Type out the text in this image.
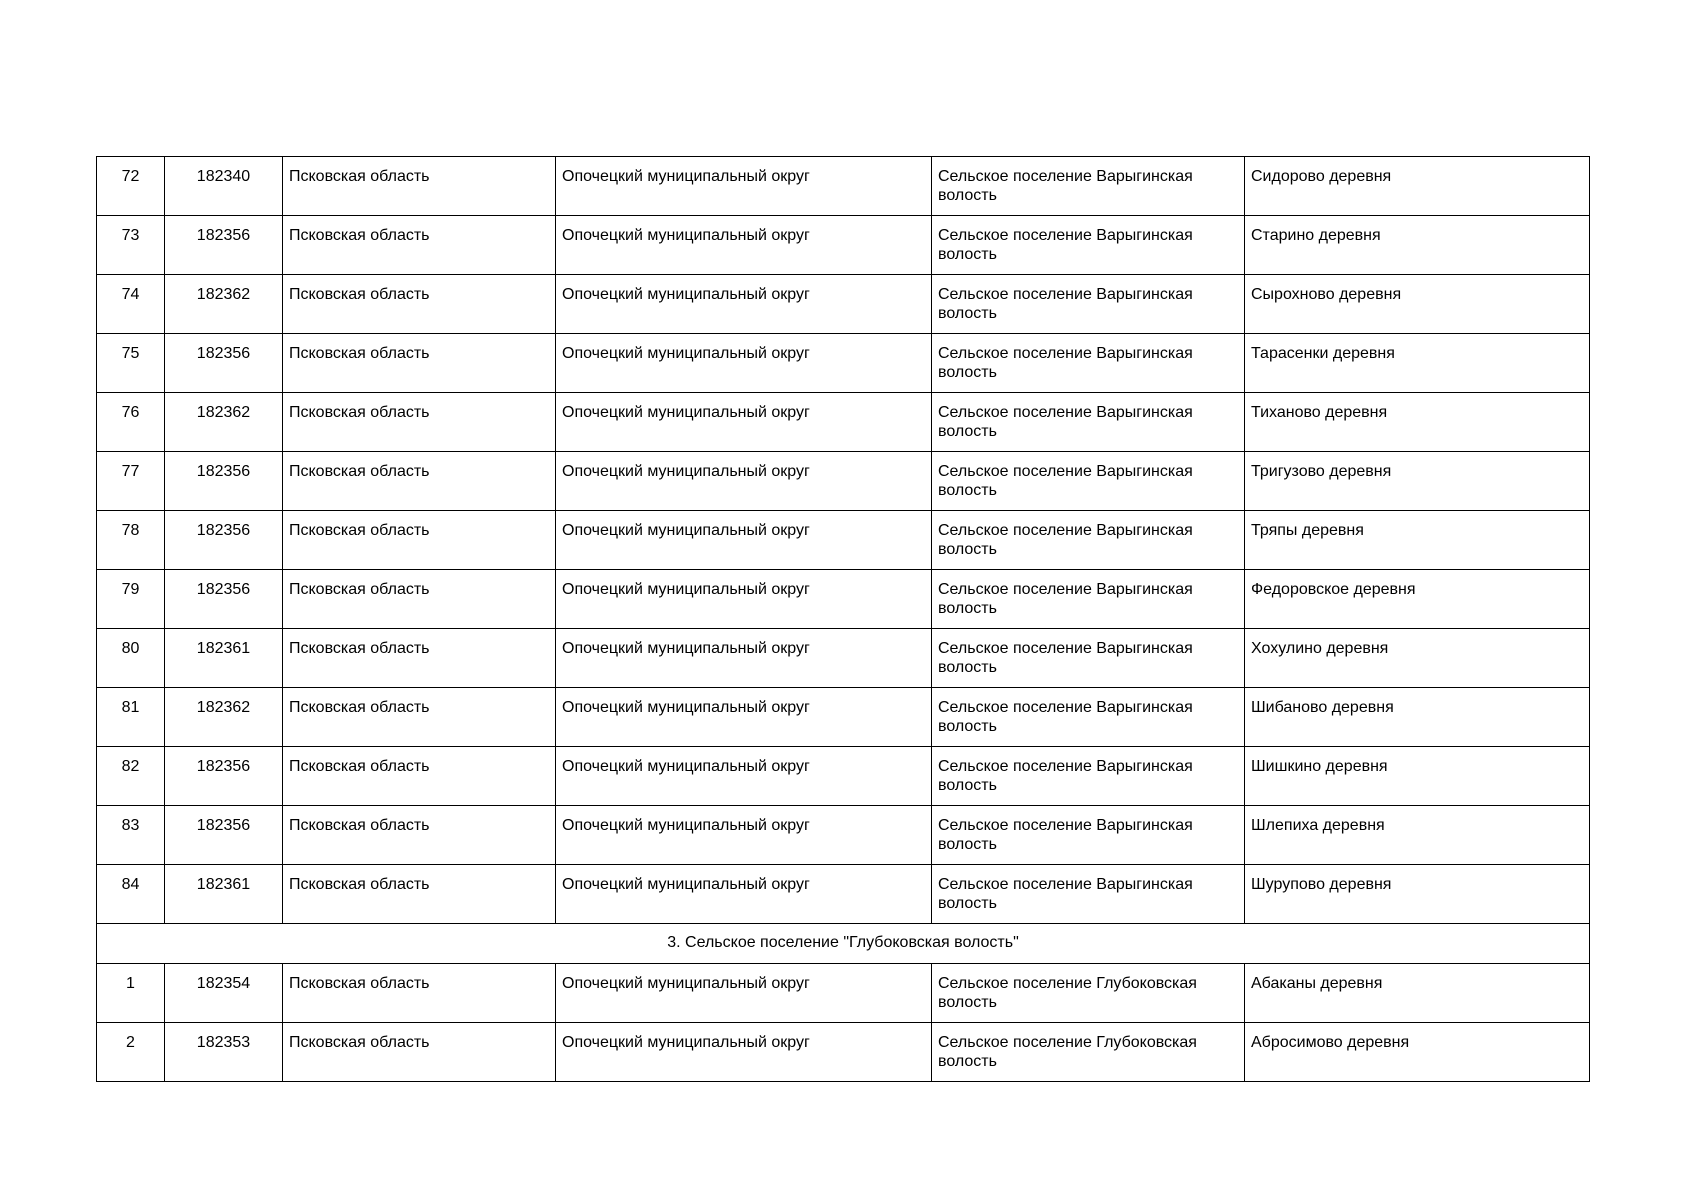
72	182340	Псковская область	Опочецкий муниципальный округ	Сельское поселение Варыгинская волость	Сидорово деревня
73	182356	Псковская область	Опочецкий муниципальный округ	Сельское поселение Варыгинская волость	Старино деревня
74	182362	Псковская область	Опочецкий муниципальный округ	Сельское поселение Варыгинская волость	Сырохново деревня
75	182356	Псковская область	Опочецкий муниципальный округ	Сельское поселение Варыгинская волость	Тарасенки деревня
76	182362	Псковская область	Опочецкий муниципальный округ	Сельское поселение Варыгинская волость	Тиханово деревня
77	182356	Псковская область	Опочецкий муниципальный округ	Сельское поселение Варыгинская волость	Тригузово деревня
78	182356	Псковская область	Опочецкий муниципальный округ	Сельское поселение Варыгинская волость	Тряпы деревня
79	182356	Псковская область	Опочецкий муниципальный округ	Сельское поселение Варыгинская волость	Федоровское деревня
80	182361	Псковская область	Опочецкий муниципальный округ	Сельское поселение Варыгинская волость	Хохулино деревня
81	182362	Псковская область	Опочецкий муниципальный округ	Сельское поселение Варыгинская волость	Шибаново деревня
82	182356	Псковская область	Опочецкий муниципальный округ	Сельское поселение Варыгинская волость	Шишкино деревня
83	182356	Псковская область	Опочецкий муниципальный округ	Сельское поселение Варыгинская волость	Шлепиха деревня
84	182361	Псковская область	Опочецкий муниципальный округ	Сельское поселение Варыгинская волость	Шурупово деревня
3. Сельское поселение "Глубоковская волость"					
1	182354	Псковская область	Опочецкий муниципальный округ	Сельское поселение Глубоковская волость	Абаканы деревня
2	182353	Псковская область	Опочецкий муниципальный округ	Сельское поселение Глубоковская волость	Абросимово деревня
